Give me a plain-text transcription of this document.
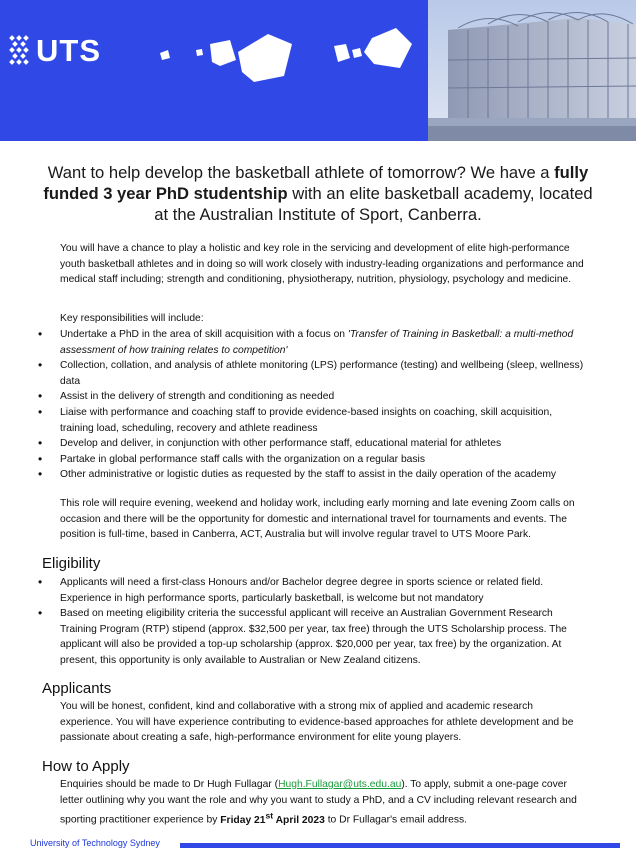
UTS

Want to help develop the basketball athlete of tomorrow? We have a fully funded 3 year PhD studentship with an elite basketball academy, located at the Australian Institute of Sport, Canberra.

You will have a chance to play a holistic and key role in the servicing and development of elite high-performance youth basketball athletes and in doing so will work closely with industry-leading organizations and performance and medical staff including; strength and conditioning, physiotherapy, nutrition, physiology, psychology and medicine.

Key responsibilities will include:

• Undertake a PhD in the area of skill acquisition with a focus on 'Transfer of Training in Basketball: a multi-method assessment of how training relates to competition'
• Collection, collation, and analysis of athlete monitoring (LPS) performance (testing) and wellbeing (sleep, wellness) data
• Assist in the delivery of strength and conditioning as needed
• Liaise with performance and coaching staff to provide evidence-based insights on coaching, skill acquisition, training load, scheduling, recovery and athlete readiness
• Develop and deliver, in conjunction with other performance staff, educational material for athletes
• Partake in global performance staff calls with the organization on a regular basis
• Other administrative or logistic duties as requested by the staff to assist in the daily operation of the academy

This role will require evening, weekend and holiday work, including early morning and late evening Zoom calls on occasion and there will be the opportunity for domestic and international travel for tournaments and events. The position is full-time, based in Canberra, ACT, Australia but will involve regular travel to UTS Moore Park.

Eligibility
• Applicants will need a first-class Honours and/or Bachelor degree degree in sports science or related field. Experience in high performance sports, particularly basketball, is welcome but not mandatory
• Based on meeting eligibility criteria the successful applicant will receive an Australian Government Research Training Program (RTP) stipend (approx. $32,500 per year, tax free) through the UTS Scholarship process. The applicant will also be provided a top-up scholarship (approx. $20,000 per year, tax free) by the organization. At present, this opportunity is only available to Australian or New Zealand citizens.
Applicants

You will be honest, confident, kind and collaborative with a strong mix of applied and academic research experience. You will have experience contributing to evidence-based approaches for athlete development and be passionate about creating a safe, high-performance environment for elite young players.

How to Apply

Enquiries should be made to Dr Hugh Fullagar (Hugh.Fullagar@uts.edu.au). To apply, submit a one-page cover letter outlining why you want the role and why you want to study a PhD, and a CV including relevant research and sporting practitioner experience by Friday 21st April 2023 to Dr Fullagar's email address.

University of Technology Sydney
